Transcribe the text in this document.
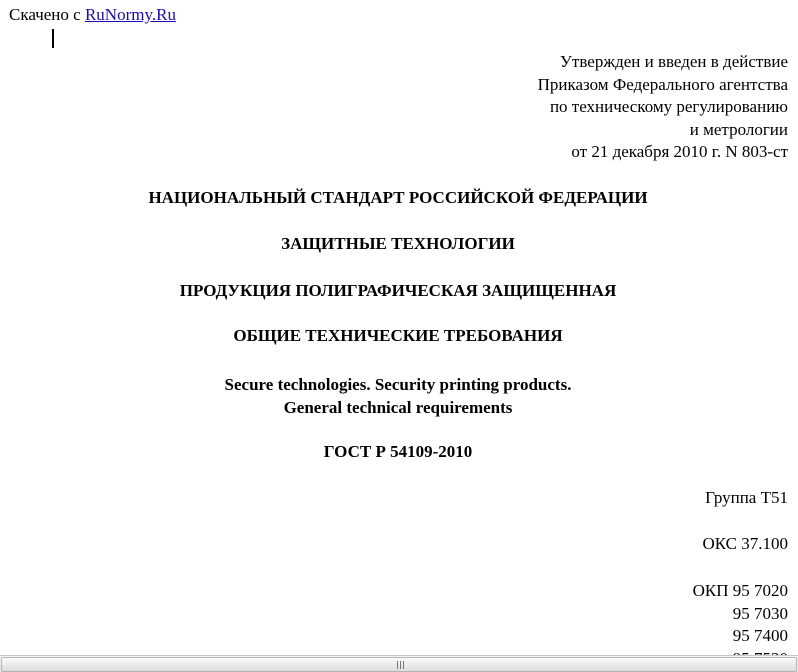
Скачено с RuNormy.Ru
Утвержден и введен в действие
Приказом Федерального агентства
по техническому регулированию
и метрологии
от 21 декабря 2010 г. N 803-ст
НАЦИОНАЛЬНЫЙ СТАНДАРТ РОССИЙСКОЙ ФЕДЕРАЦИИ
ЗАЩИТНЫЕ ТЕХНОЛОГИИ
ПРОДУКЦИЯ ПОЛИГРАФИЧЕСКАЯ ЗАЩИЩЕННАЯ
ОБЩИЕ ТЕХНИЧЕСКИЕ ТРЕБОВАНИЯ
Secure technologies. Security printing products.
General technical requirements
ГОСТ Р 54109-2010
Группа Т51
ОКС 37.100
ОКП 95 7020
95 7030
95 7400
